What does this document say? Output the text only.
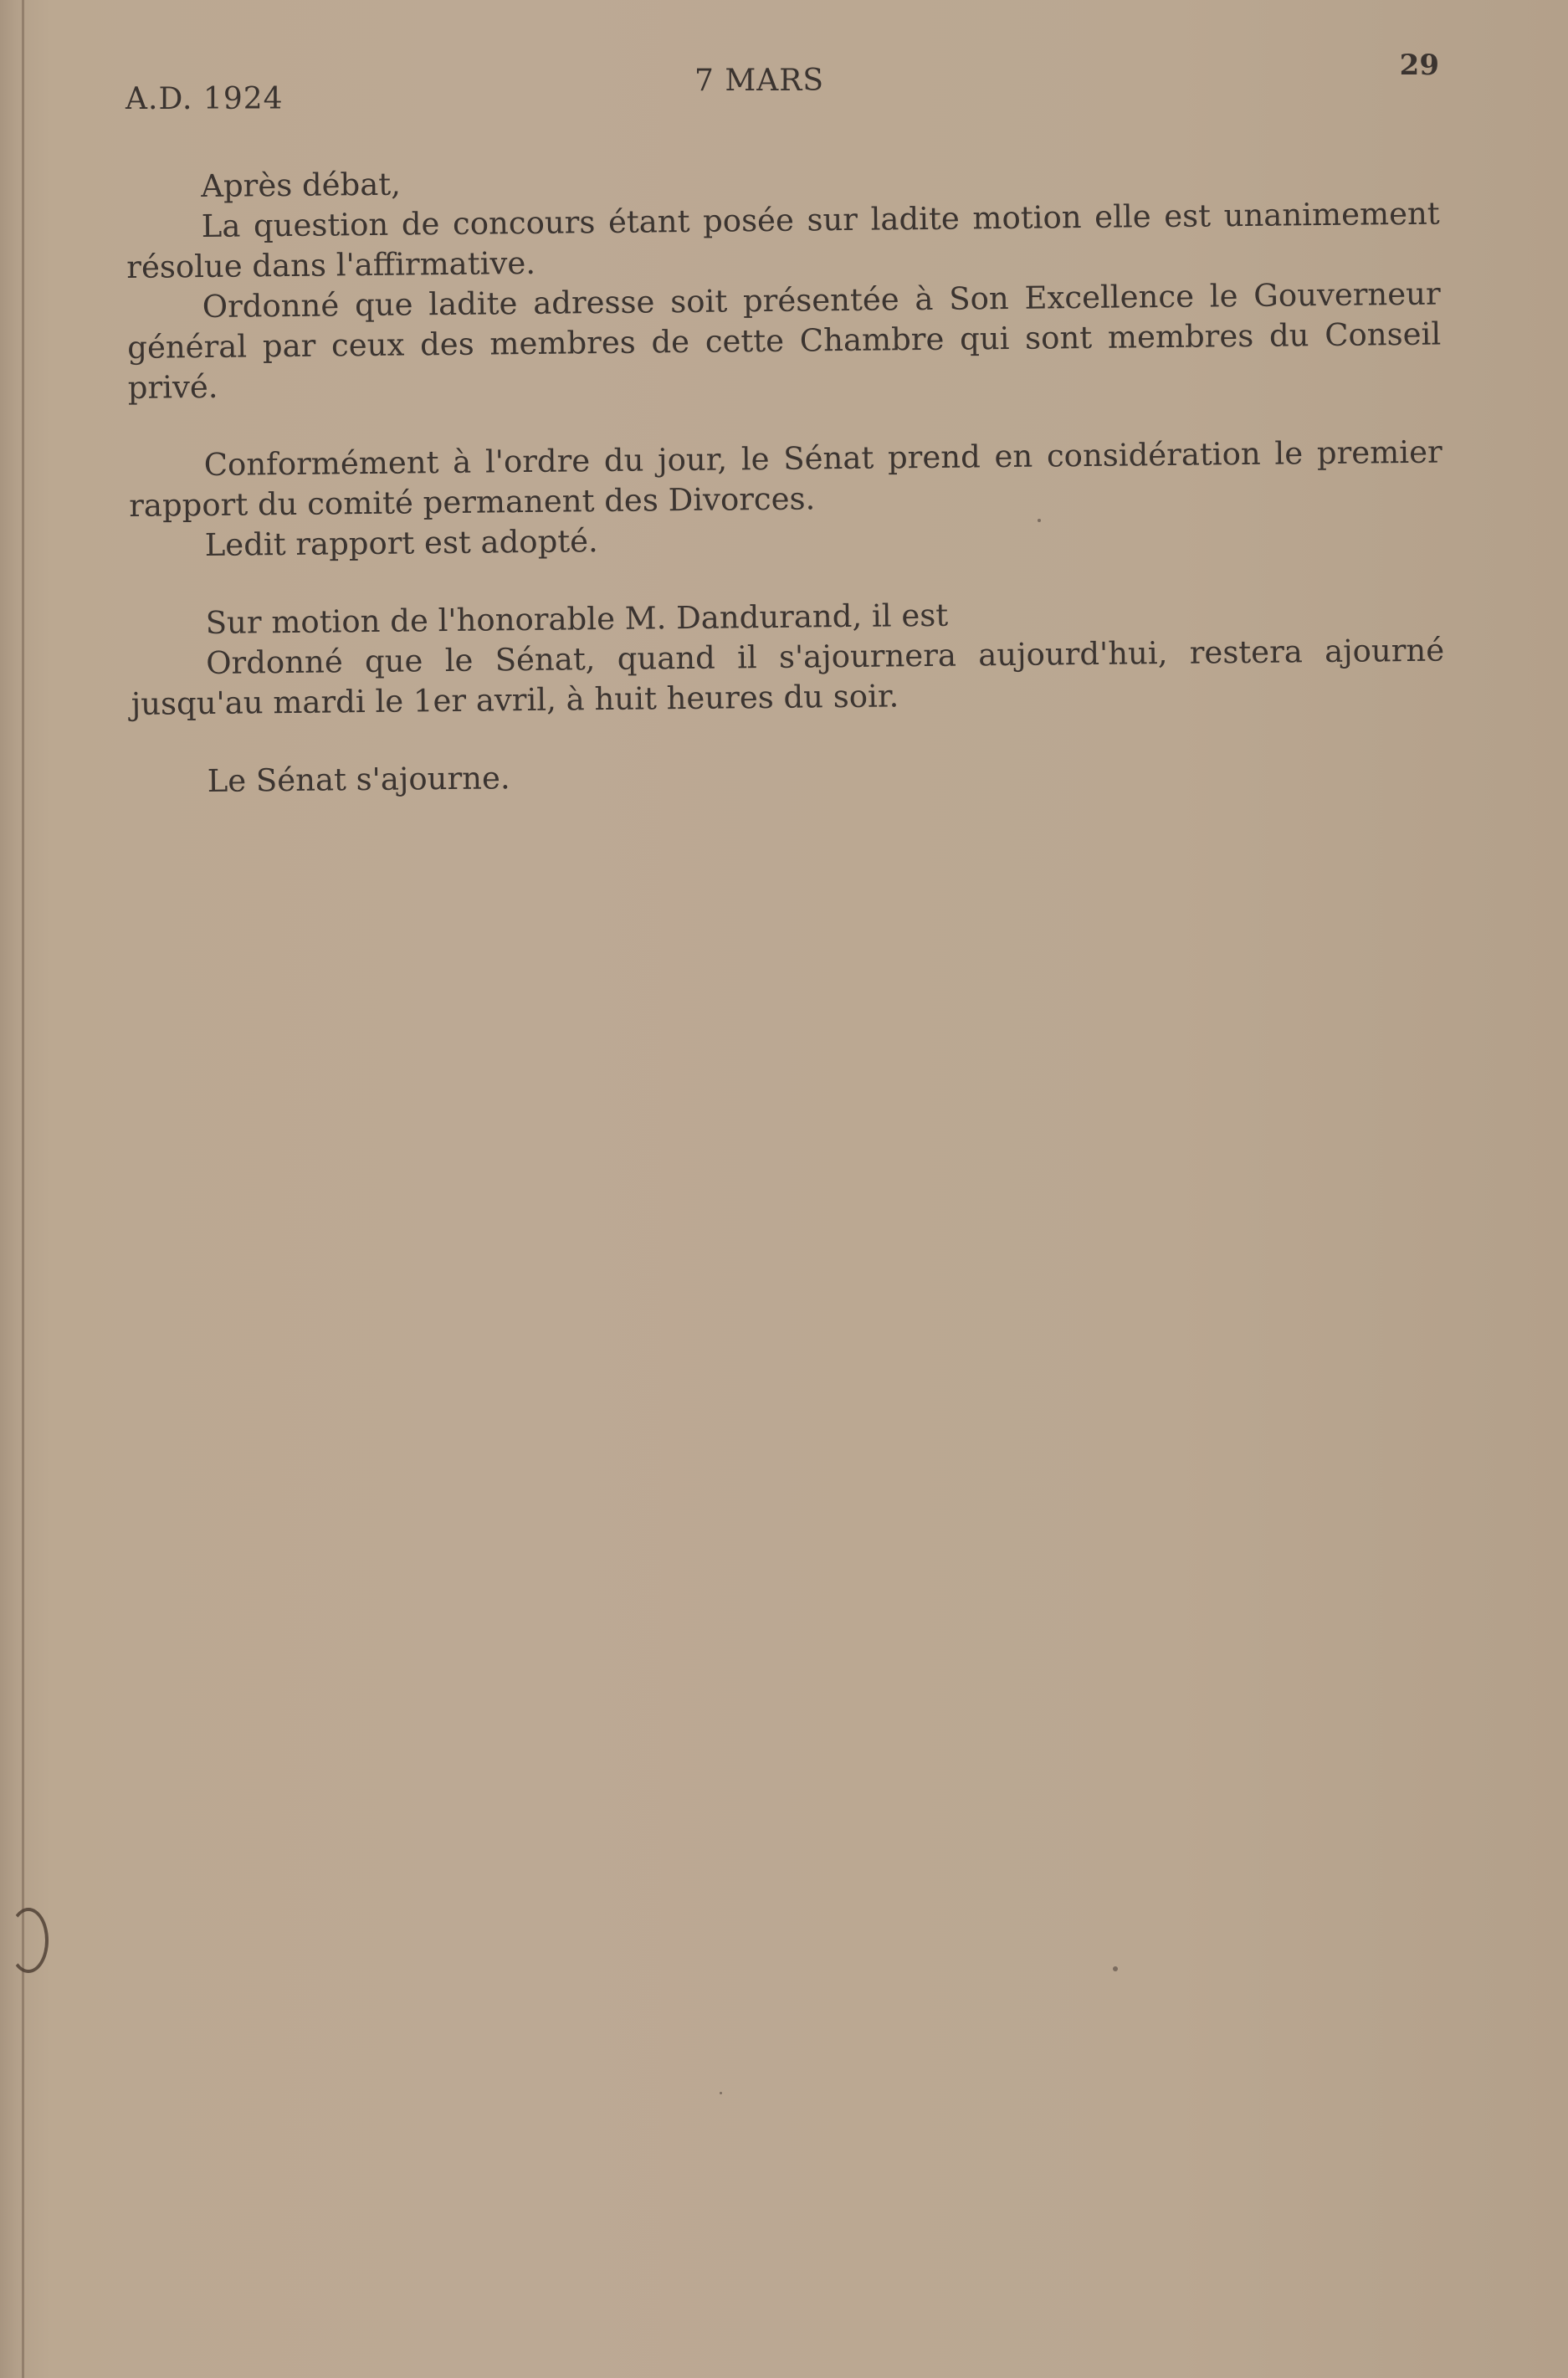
A.D. 1924
7 MARS	29

Après débat,

La question de concours étant posée sur ladite motion elle est unanimement résolue dans l'affirmative.

Ordonné que ladite adresse soit présentée à Son Excellence le Gouverneur général par ceux des membres de cette Chambre qui sont membres du Conseil privé.

Conformément à l'ordre du jour, le Sénat prend en considération le premier rapport du comité permanent des Divorces.

Ledit rapport est adopté.

Sur motion de l'honorable M. Dandurand, il est

Ordonné que le Sénat, quand il s'ajournera aujourd'hui, restera ajourné jusqu'au mardi le 1er avril, à huit heures du soir.

Le Sénat s'ajourne.
